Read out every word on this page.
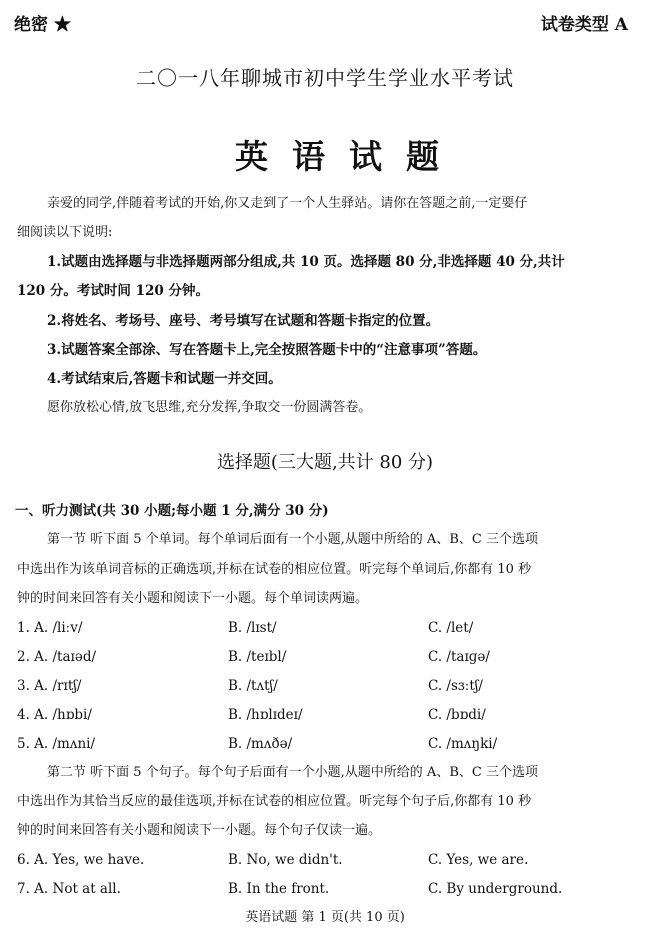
绝密 ★	试卷类型 A
二〇一八年聊城市初中学生学业水平考试
英语试题
亲爱的同学,伴随着考试的开始,你又走到了一个人生驿站。请你在答题之前,一定要仔
细阅读以下说明:
1.试题由选择题与非选择题两部分组成,共 10 页。选择题 80 分,非选择题 40 分,共计
120 分。考试时间 120 分钟。
2.将姓名、考场号、座号、考号填写在试题和答题卡指定的位置。
3.试题答案全部涂、写在答题卡上,完全按照答题卡中的“注意事项”答题。
4.考试结束后,答题卡和试题一并交回。
愿你放松心情,放飞思维,充分发挥,争取交一份圆满答卷。
选择题(三大题,共计 80 分)
一、听力测试(共 30 小题;每小题 1 分,满分 30 分)
第一节 听下面 5 个单词。每个单词后面有一个小题,从题中所给的 A、B、C 三个选项
中选出作为该单词音标的正确选项,并标在试卷的相应位置。听完每个单词后,你都有 10 秒
钟的时间来回答有关小题和阅读下一小题。每个单词读两遍。
1. A. /liːv/	B. /lɪst/	C. /let/
2. A. /taɪəd/	B. /teɪbl/	C. /taɪɡə/
3. A. /rɪtʃ/	B. /tʌtʃ/	C. /sɜːtʃ/
4. A. /hɒbi/	B. /hɒlɪdeɪ/	C. /bɒdi/
5. A. /mʌni/	B. /mʌðə/	C. /mʌŋki/
第二节 听下面 5 个句子。每个句子后面有一个小题,从题中所给的 A、B、C 三个选项
中选出作为其恰当反应的最佳选项,并标在试卷的相应位置。听完每个句子后,你都有 10 秒
钟的时间来回答有关小题和阅读下一小题。每个句子仅读一遍。
6. A. Yes, we have.	B. No, we didn't.	C. Yes, we are.
7. A. Not at all.	B. In the front.	C. By underground.
英语试题 第 1 页(共 10 页)
